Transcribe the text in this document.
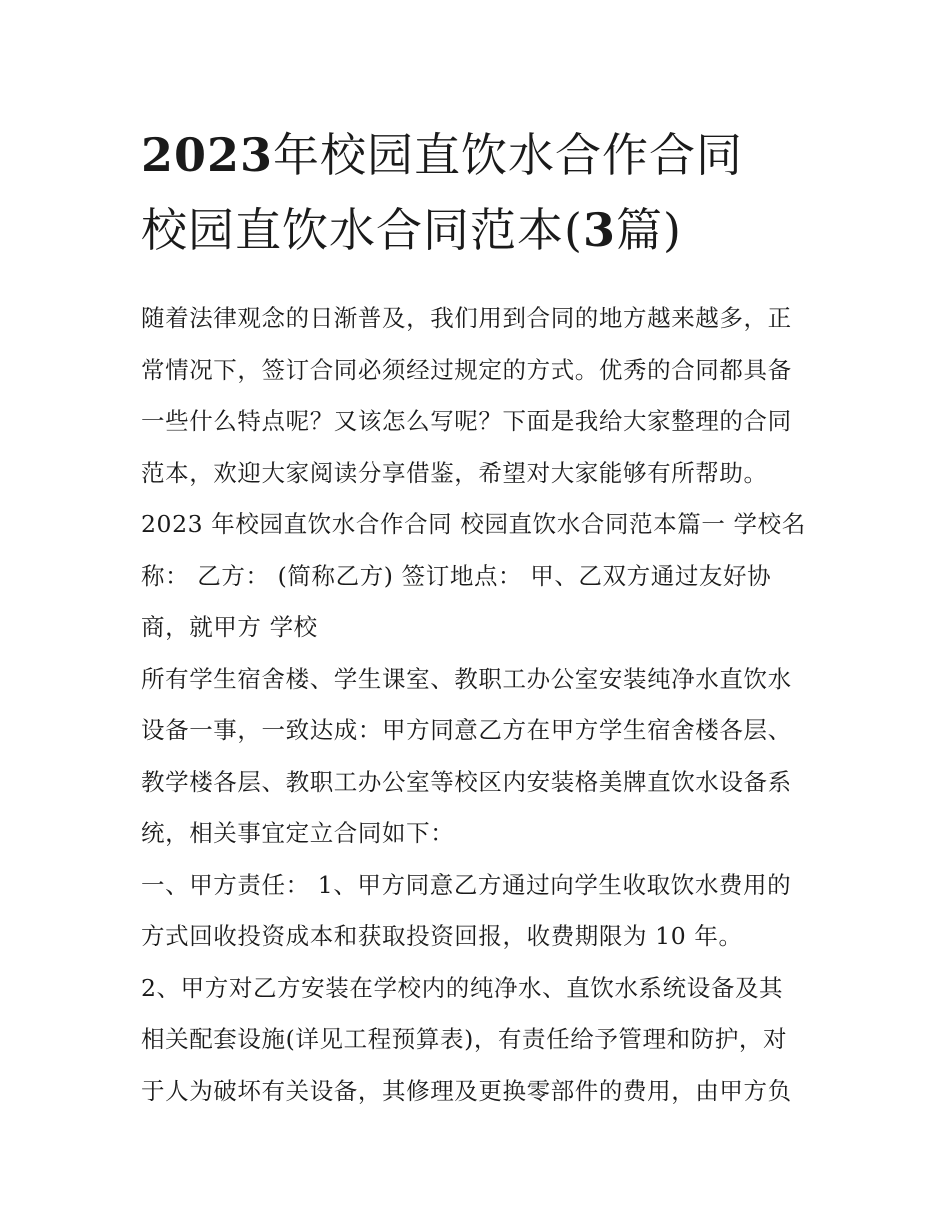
2023年校园直饮水合作合同
校园直饮水合同范本(3篇)
随着法律观念的日渐普及，我们用到合同的地方越来越多，正
常情况下，签订合同必须经过规定的方式。优秀的合同都具备
一些什么特点呢？又该怎么写呢？下面是我给大家整理的合同
范本，欢迎大家阅读分享借鉴，希望对大家能够有所帮助。
2023 年校园直饮水合作合同 校园直饮水合同范本篇一 学校名
称： 乙方： (简称乙方) 签订地点： 甲、乙双方通过友好协
商，就甲方 学校
所有学生宿舍楼、学生课室、教职工办公室安装纯净水直饮水
设备一事，一致达成：甲方同意乙方在甲方学生宿舍楼各层、
教学楼各层、教职工办公室等校区内安装格美牌直饮水设备系
统，相关事宜定立合同如下：
一、甲方责任： 1、甲方同意乙方通过向学生收取饮水费用的
方式回收投资成本和获取投资回报，收费期限为 10 年。
2、甲方对乙方安装在学校内的纯净水、直饮水系统设备及其
相关配套设施(详见工程预算表)，有责任给予管理和防护，对
于人为破坏有关设备，其修理及更换零部件的费用，由甲方负
